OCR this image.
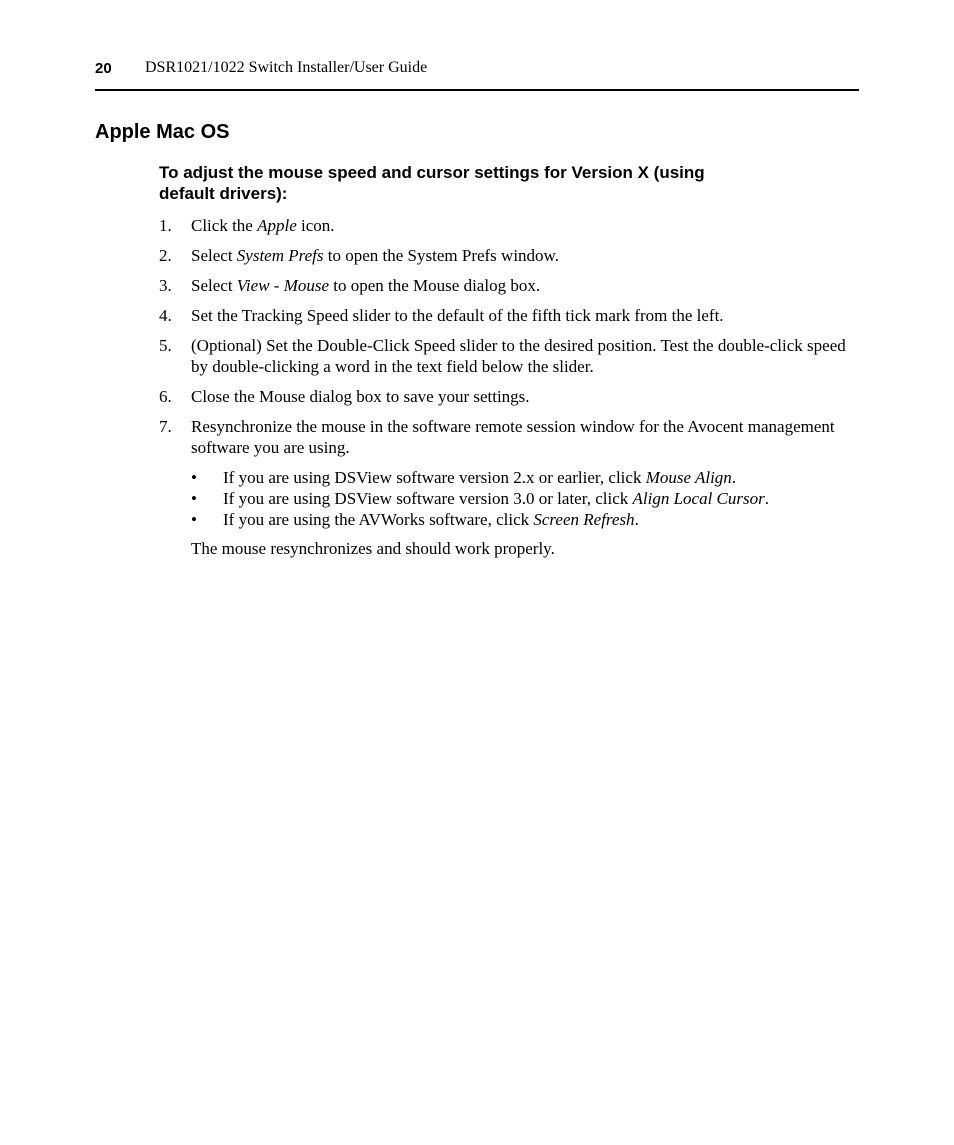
20 DSR1021/1022 Switch Installer/User Guide
Apple Mac OS

To adjust the mouse speed and cursor settings for Version X (using default drivers):

1. Click the Apple icon.
2. Select System Prefs to open the System Prefs window.
3. Select View - Mouse to open the Mouse dialog box.
4. Set the Tracking Speed slider to the default of the fifth tick mark from the left.
5. (Optional) Set the Double-Click Speed slider to the desired position. Test the double-click speed by double-clicking a word in the text field below the slider.
6. Close the Mouse dialog box to save your settings.
7. Resynchronize the mouse in the software remote session window for the Avocent management software you are using.
• If you are using DSView software version 2.x or earlier, click Mouse Align.
• If you are using DSView software version 3.0 or later, click Align Local Cursor.
• If you are using the AVWorks software, click Screen Refresh.

The mouse resynchronizes and should work properly.
